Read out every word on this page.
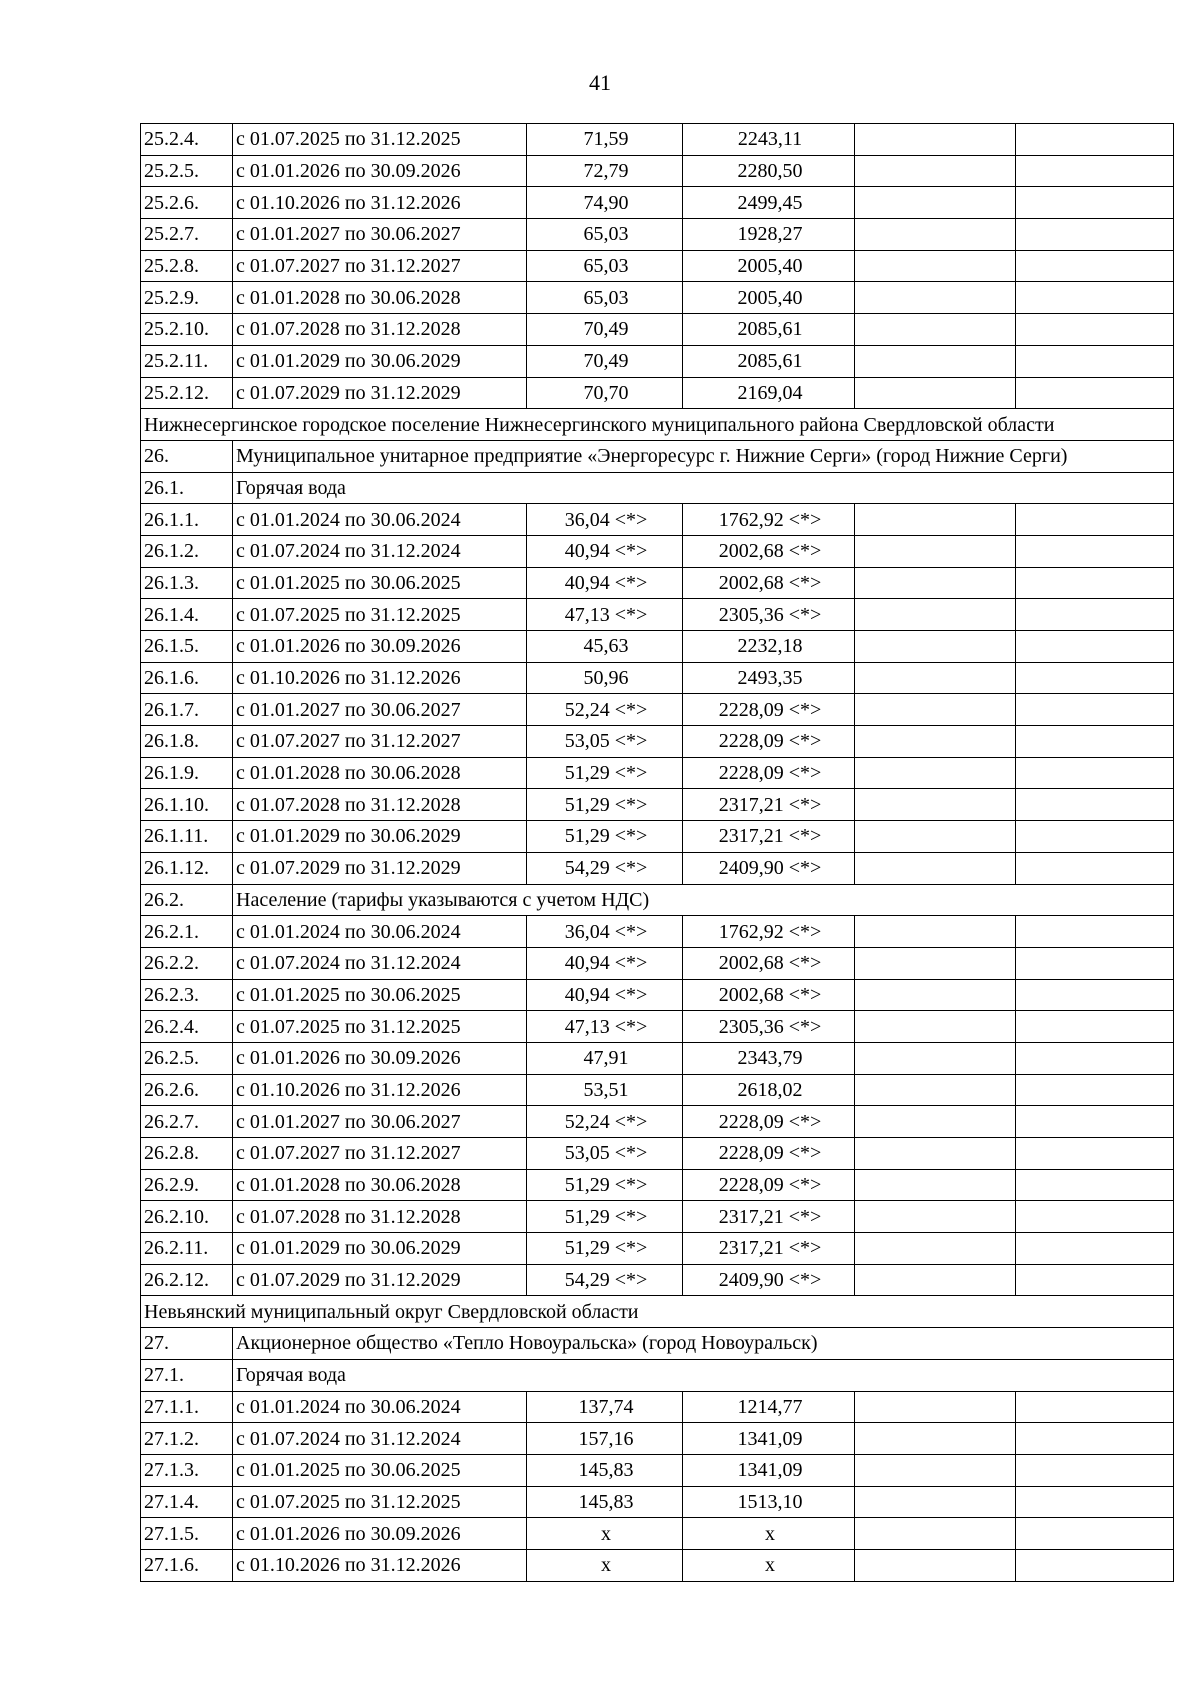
41
25.2.4.	с 01.07.2025 по 31.12.2025	71,59	2243,11		
25.2.5.	с 01.01.2026 по 30.09.2026	72,79	2280,50		
25.2.6.	с 01.10.2026 по 31.12.2026	74,90	2499,45		
25.2.7.	с 01.01.2027 по 30.06.2027	65,03	1928,27		
25.2.8.	с 01.07.2027 по 31.12.2027	65,03	2005,40		
25.2.9.	с 01.01.2028 по 30.06.2028	65,03	2005,40		
25.2.10.	с 01.07.2028 по 31.12.2028	70,49	2085,61		
25.2.11.	с 01.01.2029 по 30.06.2029	70,49	2085,61		
25.2.12.	с 01.07.2029 по 31.12.2029	70,70	2169,04		
Нижнесергинское городское поселение Нижнесергинского муниципального района Свердловской области					
26.	Муниципальное унитарное предприятие «Энергоресурс г. Нижние Серги» (город Нижние Серги)				
26.1.	Горячая вода				
26.1.1.	с 01.01.2024 по 30.06.2024	36,04 <*>	1762,92 <*>		
26.1.2.	с 01.07.2024 по 31.12.2024	40,94 <*>	2002,68 <*>		
26.1.3.	с 01.01.2025 по 30.06.2025	40,94 <*>	2002,68 <*>		
26.1.4.	с 01.07.2025 по 31.12.2025	47,13 <*>	2305,36 <*>		
26.1.5.	с 01.01.2026 по 30.09.2026	45,63	2232,18		
26.1.6.	с 01.10.2026 по 31.12.2026	50,96	2493,35		
26.1.7.	с 01.01.2027 по 30.06.2027	52,24 <*>	2228,09 <*>		
26.1.8.	с 01.07.2027 по 31.12.2027	53,05 <*>	2228,09 <*>		
26.1.9.	с 01.01.2028 по 30.06.2028	51,29 <*>	2228,09 <*>		
26.1.10.	с 01.07.2028 по 31.12.2028	51,29 <*>	2317,21 <*>		
26.1.11.	с 01.01.2029 по 30.06.2029	51,29 <*>	2317,21 <*>		
26.1.12.	с 01.07.2029 по 31.12.2029	54,29 <*>	2409,90 <*>		
26.2.	Население (тарифы указываются с учетом НДС)				
26.2.1.	с 01.01.2024 по 30.06.2024	36,04 <*>	1762,92 <*>		
26.2.2.	с 01.07.2024 по 31.12.2024	40,94 <*>	2002,68 <*>		
26.2.3.	с 01.01.2025 по 30.06.2025	40,94 <*>	2002,68 <*>		
26.2.4.	с 01.07.2025 по 31.12.2025	47,13 <*>	2305,36 <*>		
26.2.5.	с 01.01.2026 по 30.09.2026	47,91	2343,79		
26.2.6.	с 01.10.2026 по 31.12.2026	53,51	2618,02		
26.2.7.	с 01.01.2027 по 30.06.2027	52,24 <*>	2228,09 <*>		
26.2.8.	с 01.07.2027 по 31.12.2027	53,05 <*>	2228,09 <*>		
26.2.9.	с 01.01.2028 по 30.06.2028	51,29 <*>	2228,09 <*>		
26.2.10.	с 01.07.2028 по 31.12.2028	51,29 <*>	2317,21 <*>		
26.2.11.	с 01.01.2029 по 30.06.2029	51,29 <*>	2317,21 <*>		
26.2.12.	с 01.07.2029 по 31.12.2029	54,29 <*>	2409,90 <*>		
Невьянский муниципальный округ Свердловской области					
27.	Акционерное общество «Тепло Новоуральска» (город Новоуральск)				
27.1.	Горячая вода				
27.1.1.	с 01.01.2024 по 30.06.2024	137,74	1214,77		
27.1.2.	с 01.07.2024 по 31.12.2024	157,16	1341,09		
27.1.3.	с 01.01.2025 по 30.06.2025	145,83	1341,09		
27.1.4.	с 01.07.2025 по 31.12.2025	145,83	1513,10		
27.1.5.	с 01.01.2026 по 30.09.2026	х	х		
27.1.6.	с 01.10.2026 по 31.12.2026	х	х		
